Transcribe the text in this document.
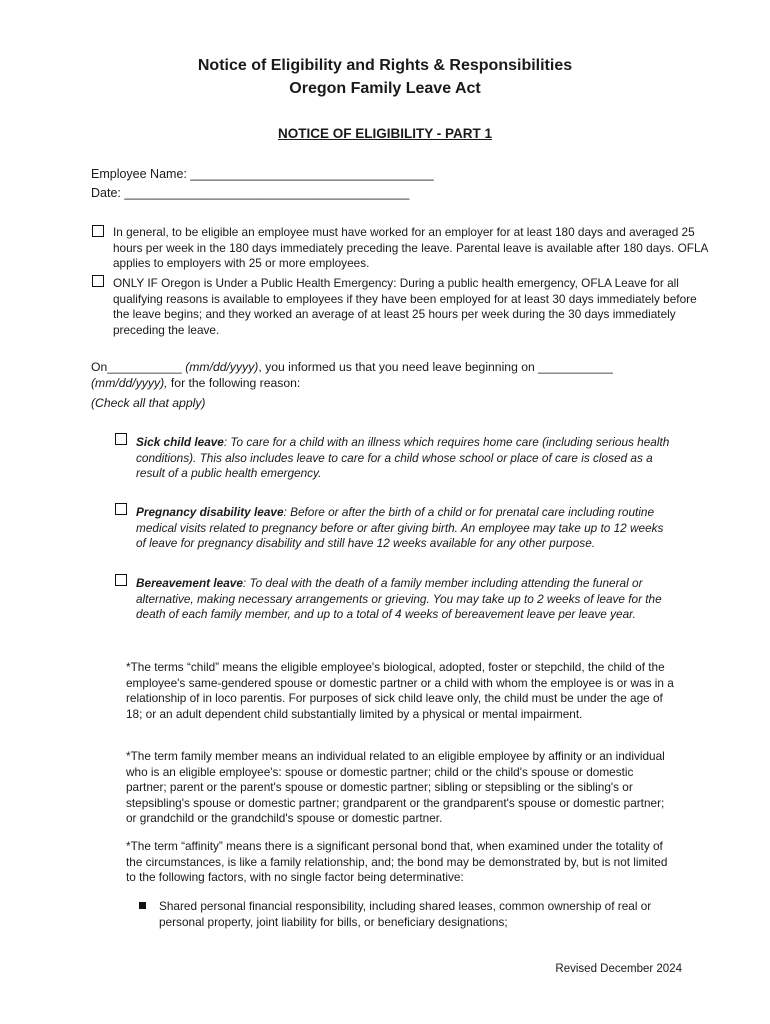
Notice of Eligibility and Rights & Responsibilities
Oregon Family Leave Act
NOTICE OF ELIGIBILITY - PART 1
Employee Name: ___________________________________
Date: _________________________________________
In general, to be eligible an employee must have worked for an employer for at least 180 days and averaged 25 hours per week in the 180 days immediately preceding the leave. Parental leave is available after 180 days. OFLA applies to employers with 25 or more employees.
ONLY IF Oregon is Under a Public Health Emergency: During a public health emergency, OFLA Leave for all qualifying reasons is available to employees if they have been employed for at least 30 days immediately before the leave begins; and they worked an average of at least 25 hours per week during the 30 days immediately preceding the leave.
On___________ (mm/dd/yyyy), you informed us that you need leave beginning on ___________ (mm/dd/yyyy), for the following reason:
(Check all that apply)
Sick child leave: To care for a child with an illness which requires home care (including serious health conditions). This also includes leave to care for a child whose school or place of care is closed as a result of a public health emergency.
Pregnancy disability leave: Before or after the birth of a child or for prenatal care including routine medical visits related to pregnancy before or after giving birth. An employee may take up to 12 weeks of leave for pregnancy disability and still have 12 weeks available for any other purpose.
Bereavement leave: To deal with the death of a family member including attending the funeral or alternative, making necessary arrangements or grieving. You may take up to 2 weeks of leave for the death of each family member, and up to a total of 4 weeks of bereavement leave per leave year.
*The terms “child” means the eligible employee's biological, adopted, foster or stepchild, the child of the employee's same-gendered spouse or domestic partner or a child with whom the employee is or was in a relationship of in loco parentis. For purposes of sick child leave only, the child must be under the age of 18; or an adult dependent child substantially limited by a physical or mental impairment.
*The term family member means an individual related to an eligible employee by affinity or an individual who is an eligible employee's: spouse or domestic partner; child or the child's spouse or domestic partner; parent or the parent's spouse or domestic partner; sibling or stepsibling or the sibling's or stepsibling's spouse or domestic partner; grandparent or the grandparent's spouse or domestic partner; or grandchild or the grandchild's spouse or domestic partner.
*The term “affinity” means there is a significant personal bond that, when examined under the totality of the circumstances, is like a family relationship, and; the bond may be demonstrated by, but is not limited to the following factors, with no single factor being determinative:
Shared personal financial responsibility, including shared leases, common ownership of real or personal property, joint liability for bills, or beneficiary designations;
Revised December 2024
